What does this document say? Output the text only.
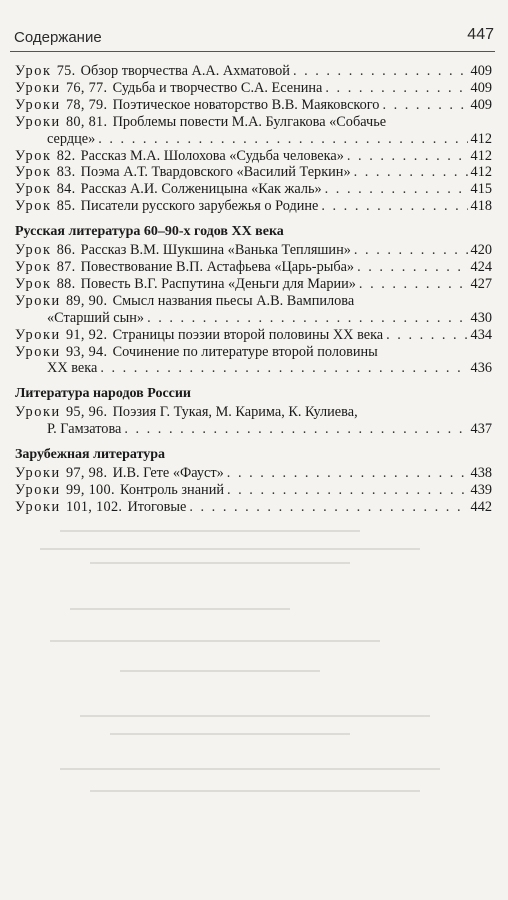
Содержание	447
Урок 75. Обзор творчества А.А. Ахматовой . . .	409
Уроки 76, 77. Судьба и творчество С.А. Есенина . . .	409
Уроки 78, 79. Поэтическое новаторство В.В. Маяковского . . .	409
Уроки 80, 81. Проблемы повести М.А. Булгакова «Собачье
сердце» . . .	412
Урок 82. Рассказ М.А. Шолохова «Судьба человека» . . .	412
Урок 83. Поэма А.Т. Твардовского «Василий Теркин» . . .	412
Урок 84. Рассказ А.И. Солженицына «Как жаль» . . .	415
Урок 85. Писатели русского зарубежья о Родине . . .	418
Русская литература 60–90-х годов XX века
Урок 86. Рассказ В.М. Шукшина «Ванька Тепляшин» . . .	420
Урок 87. Повествование В.П. Астафьева «Царь-рыба» . . .	424
Урок 88. Повесть В.Г. Распутина «Деньги для Марии» . . .	427
Уроки 89, 90. Смысл названия пьесы А.В. Вампилова
«Старший сын» . . .	430
Уроки 91, 92. Страницы поэзии второй половины XX века . . .	434
Уроки 93, 94. Сочинение по литературе второй половины
XX века . . .	436
Литература народов России
Уроки 95, 96. Поэзия Г. Тукая, М. Карима, К. Кулиева,
Р. Гамзатова . . .	437
Зарубежная литература
Уроки 97, 98. И.В. Гете «Фауст» . . .	438
Уроки 99, 100. Контроль знаний . . .	439
Уроки 101, 102. Итоговые . . .	442
